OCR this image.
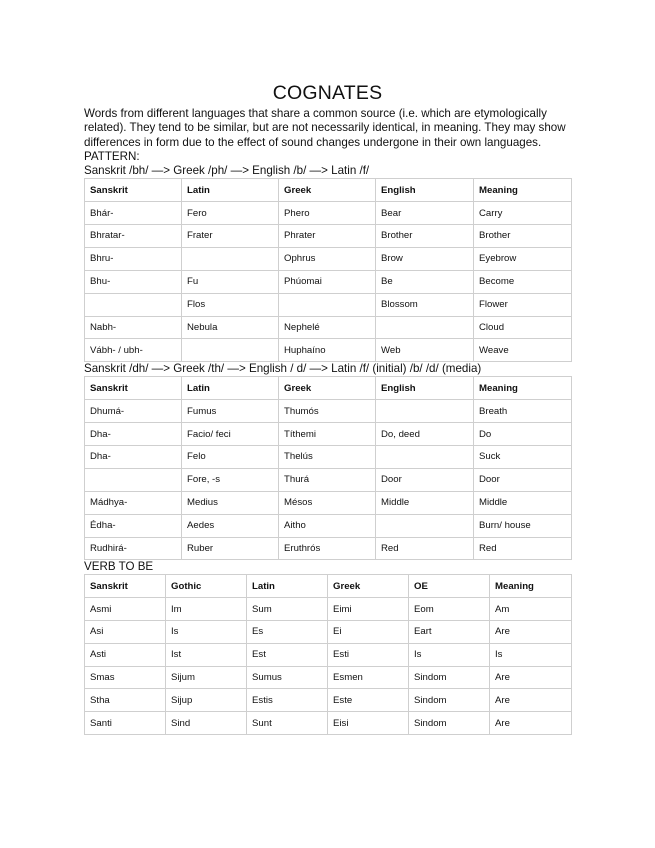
COGNATES

Words from different languages that share a common source (i.e. which are etymologically related). They tend to be similar, but are not necessarily identical, in meaning. They may show differences in form due to the effect of sound changes undergone in their own languages.

PATTERN:

Sanskrit /bh/ —> Greek /ph/ —> English /b/ —> Latin /f/

Sanskrit	Latin	Greek	English	Meaning
Bhár-	Fero	Phero	Bear	Carry
Bhratar-	Frater	Phrater	Brother	Brother
Bhru-		Ophrus	Brow	Eyebrow
Bhu-	Fu	Phúomai	Be	Become
	Flos		Blossom	Flower
Nabh-	Nebula	Nephelé		Cloud
Vábh- / ubh-		Huphaíno	Web	Weave

Sanskrit /dh/ —> Greek /th/ —> English / d/ —> Latin /f/ (initial) /b/ /d/ (media)

Sanskrit	Latin	Greek	English	Meaning
Dhumá-	Fumus	Thumós		Breath
Dha-	Facio/ feci	Títhemi	Do, deed	Do
Dha-	Felo	Thelús		Suck
	Fore, -s	Thurá	Door	Door
Mádhya-	Medius	Mésos	Middle	Middle
Édha-	Aedes	Aitho		Burn/ house
Rudhirá-	Ruber	Eruthrós	Red	Red

VERB TO BE

Sanskrit	Gothic	Latin	Greek	OE	Meaning
Asmi	Im	Sum	Eimi	Eom	Am
Asi	Is	Es	Ei	Eart	Are
Asti	Ist	Est	Esti	Is	Is
Smas	Sijum	Sumus	Esmen	Sindom	Are
Stha	Sijup	Estis	Este	Sindom	Are
Santi	Sind	Sunt	Eisi	Sindom	Are
